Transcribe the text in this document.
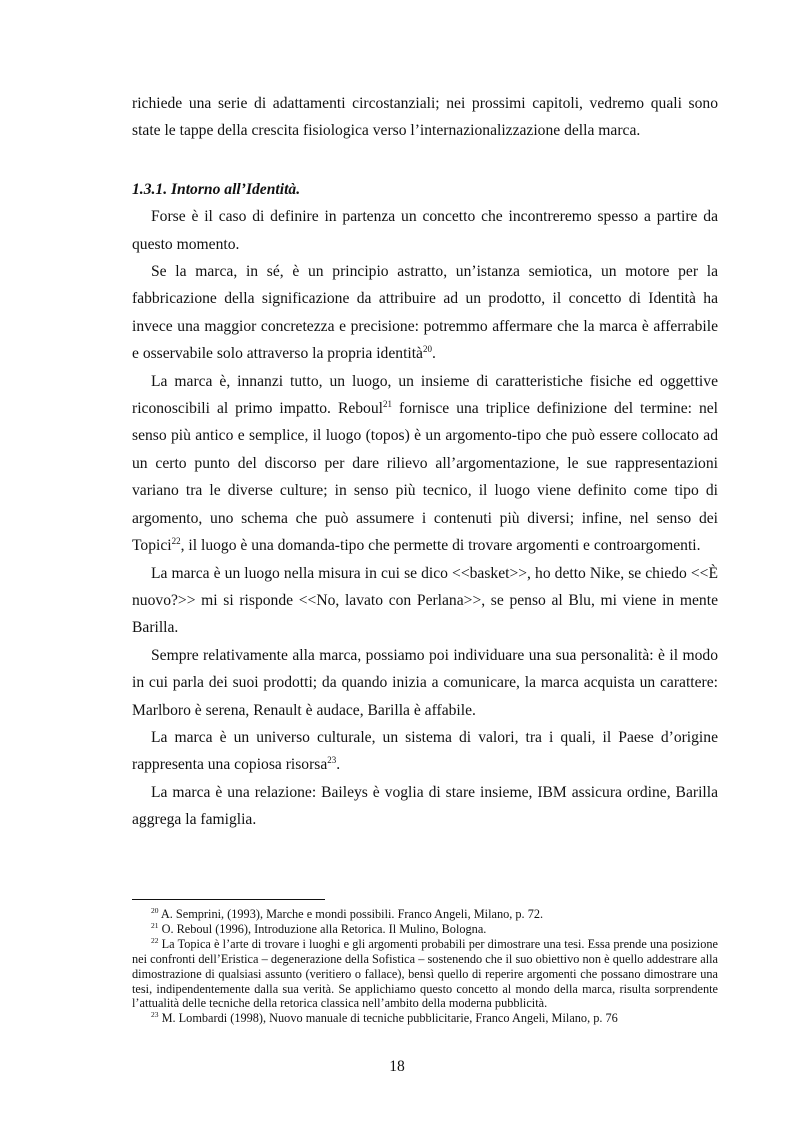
richiede una serie di adattamenti circostanziali; nei prossimi capitoli, vedremo quali sono state le tappe della crescita fisiologica verso l’internazionalizzazione della marca.

1.3.1. Intorno all’Identità.

Forse è il caso di definire in partenza un concetto che incontreremo spesso a partire da questo momento.

Se la marca, in sé, è un principio astratto, un’istanza semiotica, un motore per la fabbricazione della significazione da attribuire ad un prodotto, il concetto di Identità ha invece una maggior concretezza e precisione: potremmo affermare che la marca è afferrabile e osservabile solo attraverso la propria identità$^{20}$.

La marca è, innanzi tutto, un luogo, un insieme di caratteristiche fisiche ed oggettive riconoscibili al primo impatto. Reboul$^{21}$ fornisce una triplice definizione del termine: nel senso più antico e semplice, il luogo (topos) è un argomento-tipo che può essere collocato ad un certo punto del discorso per dare rilievo all’argomentazione, le sue rappresentazioni variano tra le diverse culture; in senso più tecnico, il luogo viene definito come tipo di argomento, uno schema che può assumere i contenuti più diversi; infine, nel senso dei Topici$^{22}$, il luogo è una domanda-tipo che permette di trovare argomenti e controargomenti.

La marca è un luogo nella misura in cui se dico <<basket>>, ho detto Nike, se chiedo <<È nuovo?>> mi si risponde <<No, lavato con Perlana>>, se penso al Blu, mi viene in mente Barilla.

Sempre relativamente alla marca, possiamo poi individuare una sua personalità: è il modo in cui parla dei suoi prodotti; da quando inizia a comunicare, la marca acquista un carattere: Marlboro è serena, Renault è audace, Barilla è affabile.

La marca è un universo culturale, un sistema di valori, tra i quali, il Paese d’origine rappresenta una copiosa risorsa$^{23}$.

La marca è una relazione: Baileys è voglia di stare insieme, IBM assicura ordine, Barilla aggrega la famiglia.

$^{20}$ A. Semprini, (1993), Marche e mondi possibili. Franco Angeli, Milano, p. 72.

$^{21}$ O. Reboul (1996), Introduzione alla Retorica. Il Mulino, Bologna.

$^{22}$ La Topica è l’arte di trovare i luoghi e gli argomenti probabili per dimostrare una tesi. Essa prende una posizione nei confronti dell’Eristica – degenerazione della Sofistica – sostenendo che il suo obiettivo non è quello addestrare alla dimostrazione di qualsiasi assunto (veritiero o fallace), bensì quello di reperire argomenti che possano dimostrare una tesi, indipendentemente dalla sua verità. Se applichiamo questo concetto al mondo della marca, risulta sorprendente l’attualità delle tecniche della retorica classica nell’ambito della moderna pubblicità.

$^{23}$ M. Lombardi (1998), Nuovo manuale di tecniche pubblicitarie, Franco Angeli, Milano, p. 76

18
